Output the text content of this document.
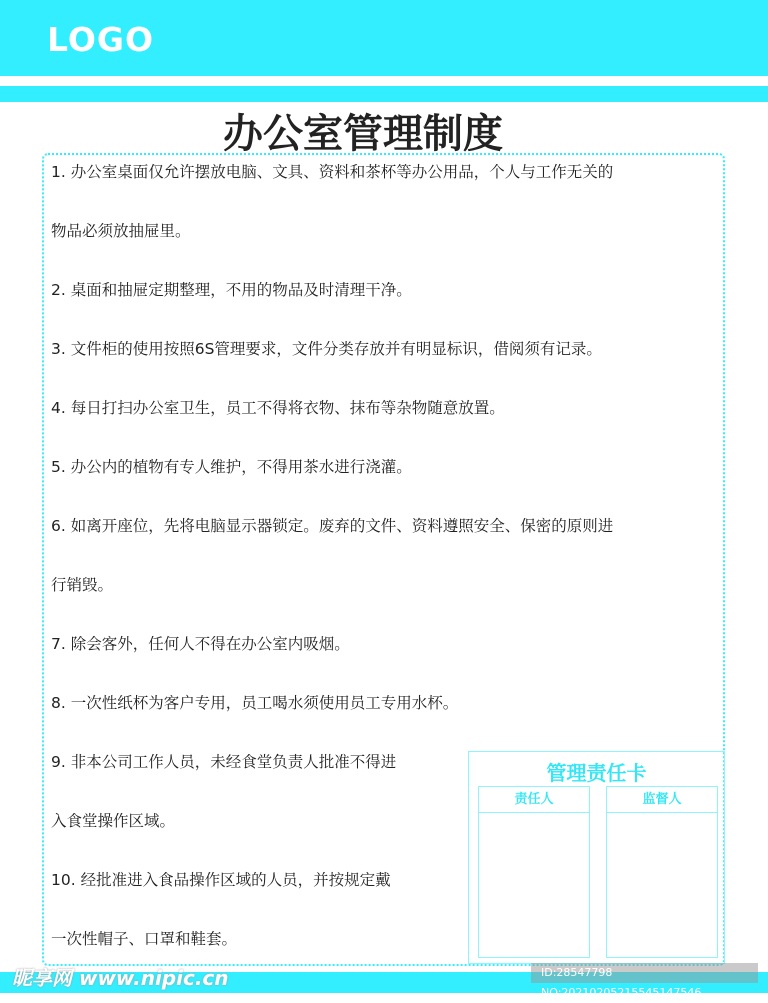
LOGO
办公室管理制度
1. 办公室桌面仅允许摆放电脑、文具、资料和茶杯等办公用品，个人与工作无关的
物品必须放抽屉里。
2. 桌面和抽屉定期整理，不用的物品及时清理干净。
3. 文件柜的使用按照6S管理要求，文件分类存放并有明显标识，借阅须有记录。
4. 每日打扫办公室卫生，员工不得将衣物、抹布等杂物随意放置。
5. 办公内的植物有专人维护，不得用茶水进行浇灌。
6. 如离开座位，先将电脑显示器锁定。废弃的文件、资料遵照安全、保密的原则进
行销毁。
7. 除会客外，任何人不得在办公室内吸烟。
8. 一次性纸杯为客户专用，员工喝水须使用员工专用水杯。
9. 非本公司工作人员，未经食堂负责人批准不得进
入食堂操作区域。
10. 经批准进入食品操作区域的人员，并按规定戴
一次性帽子、口罩和鞋套。
管理责任卡
责任人	监督人
昵享网 www.nipic.cn	ID:28547798 NO:20210205215545147546
